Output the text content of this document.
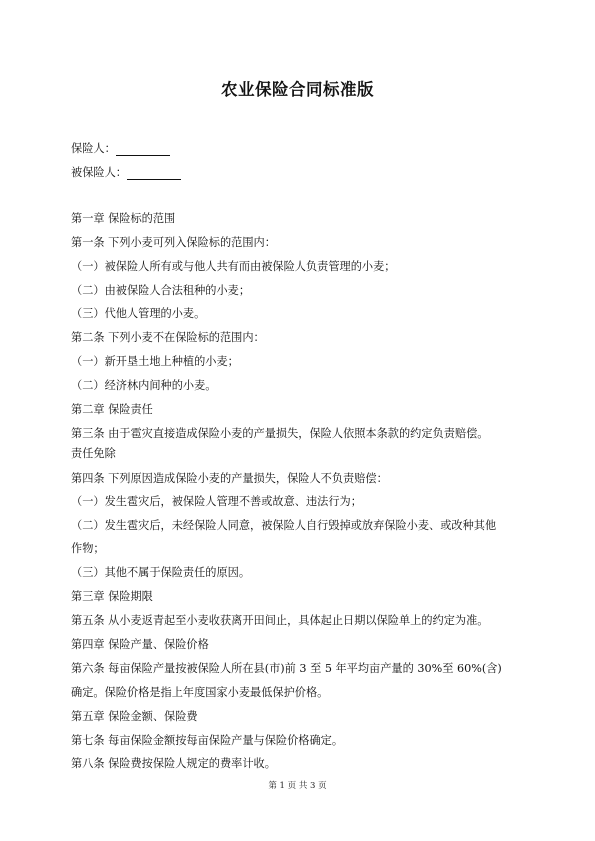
农业保险合同标准版
保险人：
被保险人：
第一章 保险标的范围
第一条 下列小麦可列入保险标的范围内：
（一）被保险人所有或与他人共有而由被保险人负责管理的小麦；
（二）由被保险人合法租种的小麦；
（三）代他人管理的小麦。
第二条 下列小麦不在保险标的范围内：
（一）新开垦土地上种植的小麦；
（二）经济林内间种的小麦。
第二章 保险责任
第三条 由于雹灾直接造成保险小麦的产量损失，保险人依照本条款的约定负责赔偿。
责任免除
第四条 下列原因造成保险小麦的产量损失，保险人不负责赔偿：
（一）发生雹灾后，被保险人管理不善或故意、违法行为；
（二）发生雹灾后，未经保险人同意，被保险人自行毁掉或放弃保险小麦、或改种其他
作物；
（三）其他不属于保险责任的原因。
第三章 保险期限
第五条 从小麦返青起至小麦收获离开田间止，具体起止日期以保险单上的约定为准。
第四章 保险产量、保险价格
第六条 每亩保险产量按被保险人所在县(市)前 3 至 5 年平均亩产量的 30%至 60%(含)
确定。保险价格是指上年度国家小麦最低保护价格。
第五章 保险金额、保险费
第七条 每亩保险金额按每亩保险产量与保险价格确定。
第八条 保险费按保险人规定的费率计收。
第 1 页 共 3 页
